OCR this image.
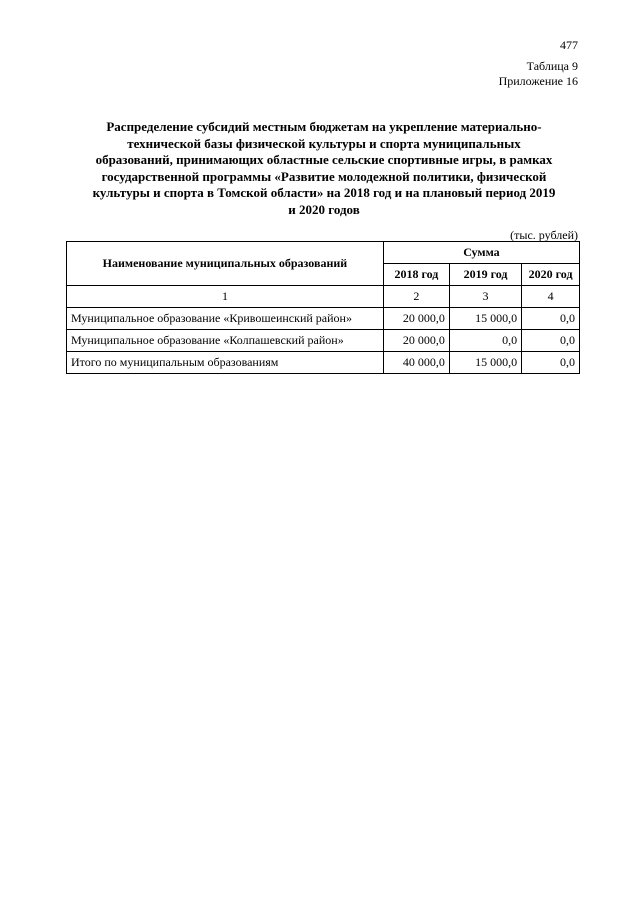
477
Таблица 9
Приложение 16
Распределение субсидий местным бюджетам на укрепление материально-
технической базы физической культуры и спорта муниципальных
образований, принимающих областные сельские спортивные игры, в рамках
государственной программы «Развитие молодежной политики, физической
культуры и спорта в Томской области» на 2018 год и на плановый период 2019
и 2020 годов
(тыс. рублей)
Наименование муниципальных образований	Сумма		
	2018 год	2019 год	2020 год
1	2	3	4
Муниципальное образование «Кривошеинский район»	20 000,0	15 000,0	0,0
Муниципальное образование «Колпашевский район»	20 000,0	0,0	0,0
Итого по муниципальным образованиям	40 000,0	15 000,0	0,0
